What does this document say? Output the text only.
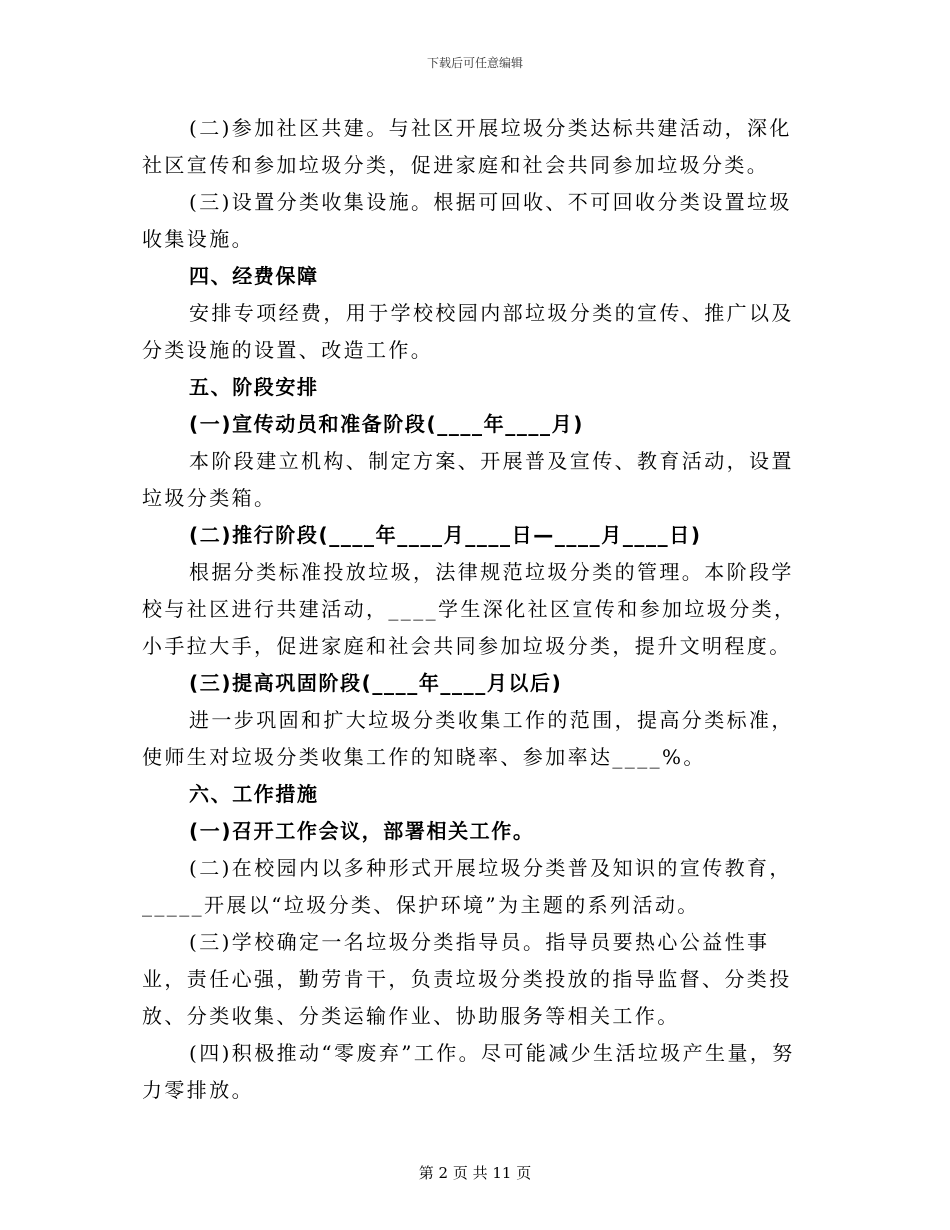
下载后可任意编辑

(二)参加社区共建。与社区开展垃圾分类达标共建活动，深化社区宣传和参加垃圾分类，促进家庭和社会共同参加垃圾分类。

(三)设置分类收集设施。根据可回收、不可回收分类设置垃圾收集设施。

四、经费保障

安排专项经费，用于学校校园内部垃圾分类的宣传、推广以及分类设施的设置、改造工作。

五、阶段安排

(一)宣传动员和准备阶段(____年____月)

本阶段建立机构、制定方案、开展普及宣传、教育活动，设置垃圾分类箱。

(二)推行阶段(____年____月____日—____月____日)

根据分类标准投放垃圾，法律规范垃圾分类的管理。本阶段学校与社区进行共建活动，____学生深化社区宣传和参加垃圾分类，小手拉大手，促进家庭和社会共同参加垃圾分类，提升文明程度。

(三)提高巩固阶段(____年____月以后)

进一步巩固和扩大垃圾分类收集工作的范围，提高分类标准，使师生对垃圾分类收集工作的知晓率、参加率达____%。

六、工作措施

(一)召开工作会议，部署相关工作。

(二)在校园内以多种形式开展垃圾分类普及知识的宣传教育，_____开展以“垃圾分类、保护环境”为主题的系列活动。

(三)学校确定一名垃圾分类指导员。指导员要热心公益性事业，责任心强，勤劳肯干，负责垃圾分类投放的指导监督、分类投放、分类收集、分类运输作业、协助服务等相关工作。

(四)积极推动“零废弃”工作。尽可能减少生活垃圾产生量，努力零排放。

第 2 页 共 11 页
